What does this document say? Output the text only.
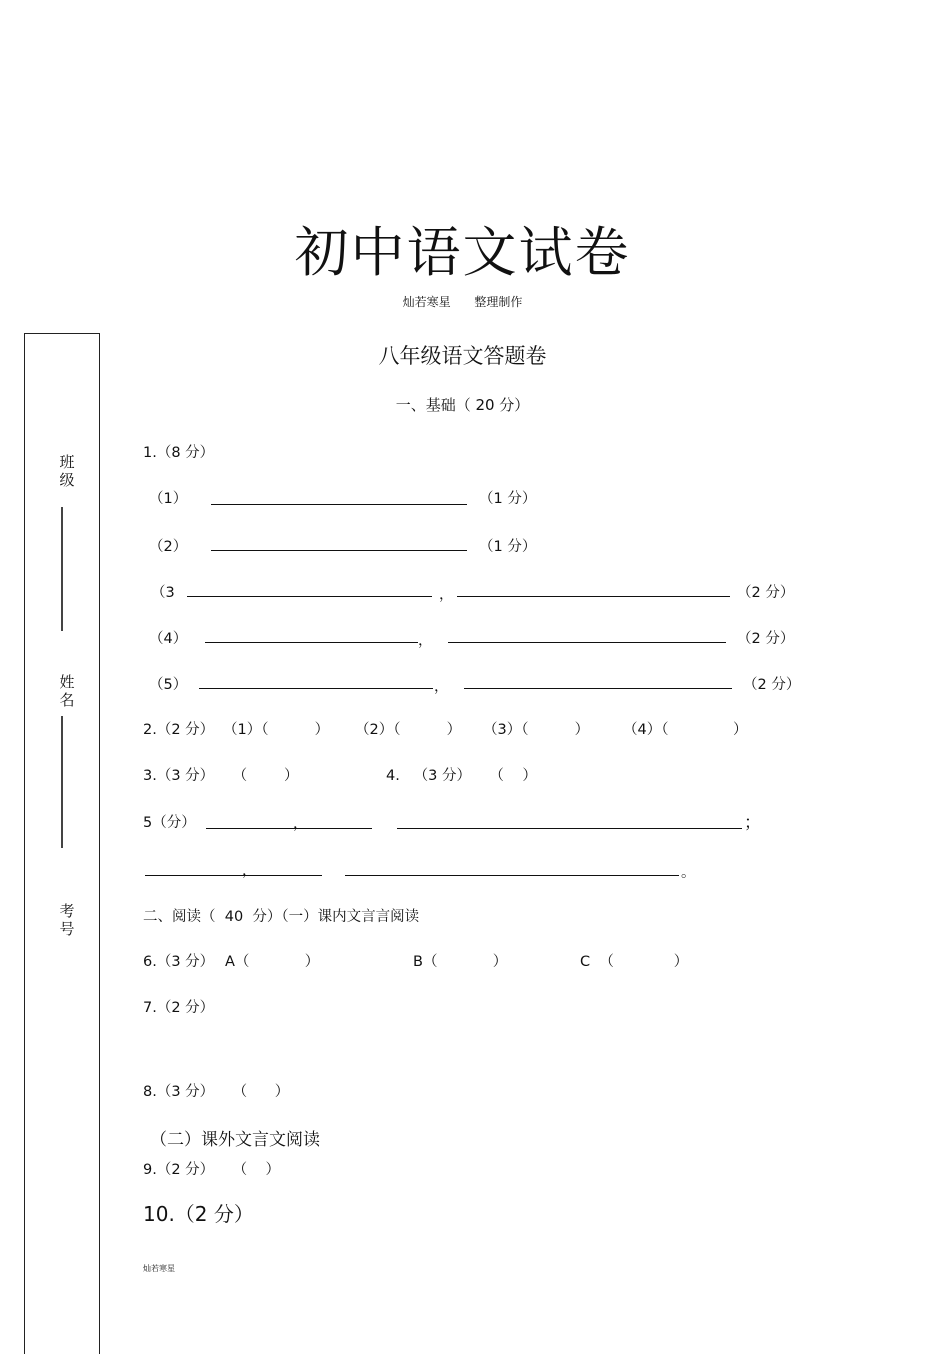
初中语文试卷
灿若寒星 整理制作
班级
姓名
考号
八年级语文答题卷
一、基础（ 20 分）
1.（8 分）
（1）	（1 分）
（2）	（1 分）
（3	，	（2 分）
（4）	，	（2 分）
（5）	，	（2 分）
2.（2 分） （1）（          ） （2）（          ） （3）（          ） （4）（              ）
3.（3 分）    （        ）	4.   （3 分）    （    ）
5（分）	，	；
，	。
二、阅读（  40  分）（一）课内文言言阅读
6.（3 分） A（            ）	B（            ）	C  （             ）
7.（2 分）
8.（3 分）    （      ）
（二）课外文言文阅读
9.（2 分）    （    ）
10.（2 分）
灿若寒星
